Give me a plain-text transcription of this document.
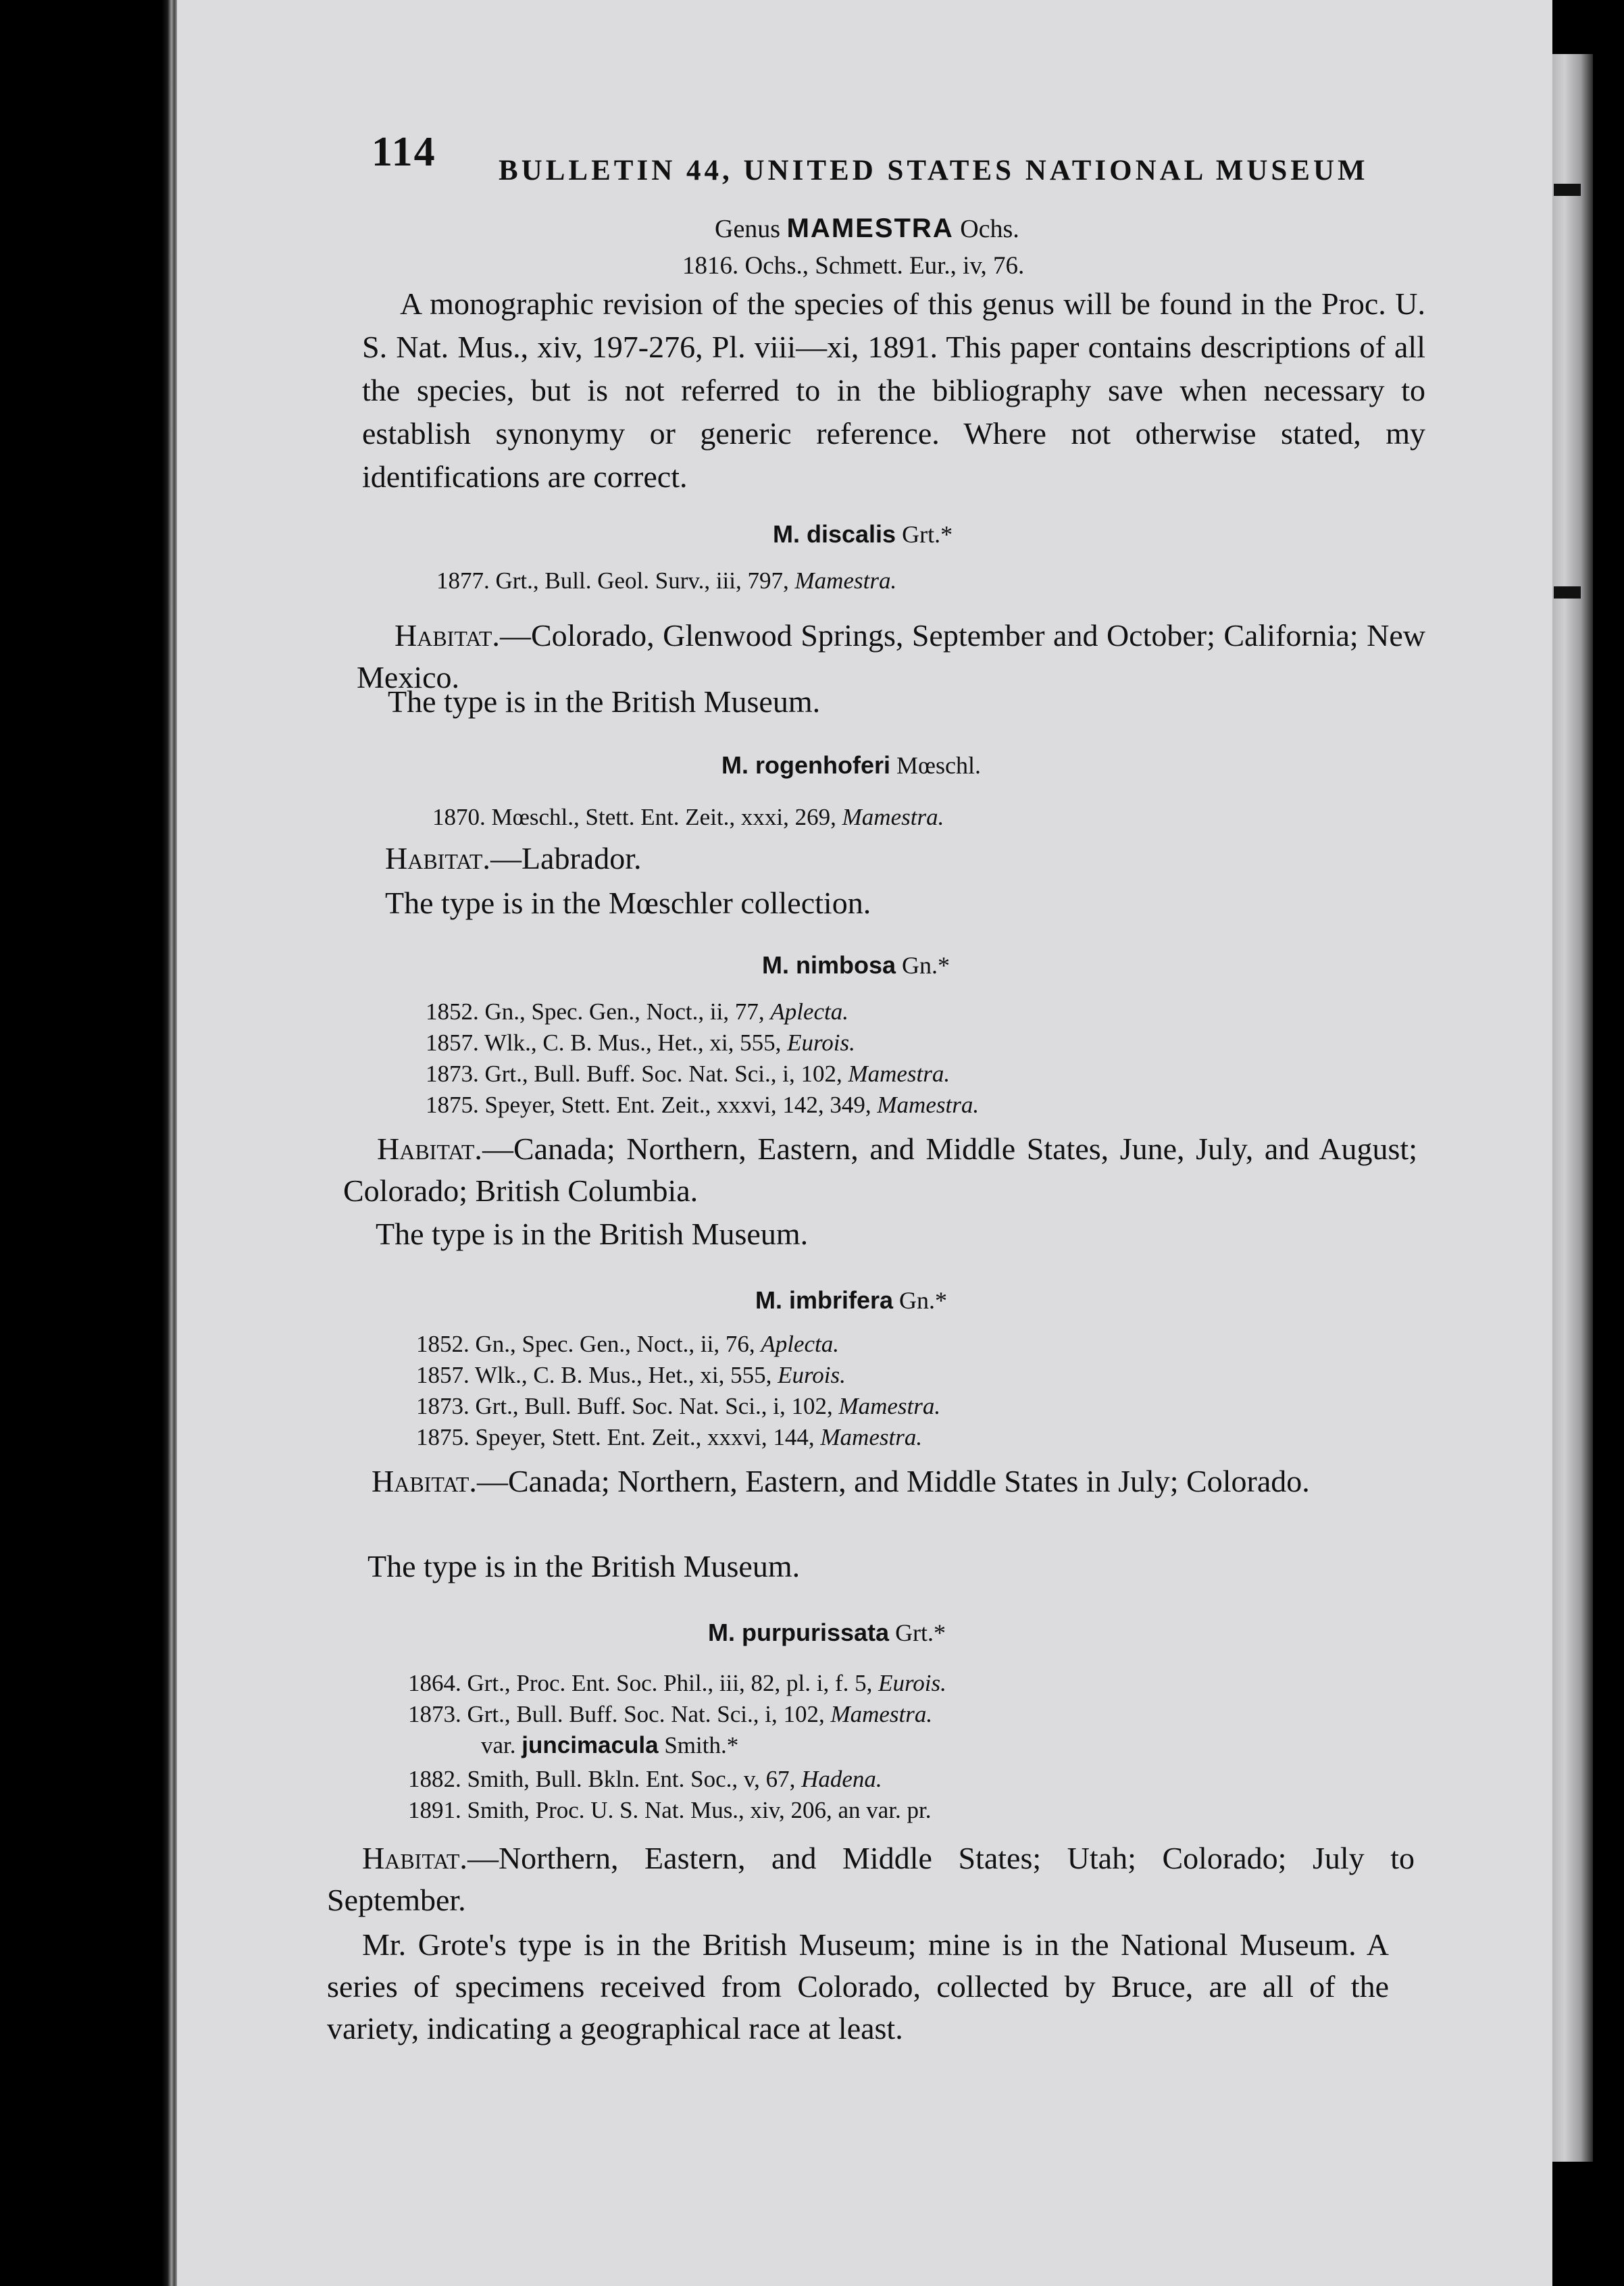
114 BULLETIN 44, UNITED STATES NATIONAL MUSEUM
Genus MAMESTRA Ochs.
1816. Ochs., Schmett. Eur., iv, 76.
A monographic revision of the species of this genus will be found in the Proc. U. S. Nat. Mus., xiv, 197-276, Pl. viii—xi, 1891. This paper contains descriptions of all the species, but is not referred to in the bibliography save when necessary to establish synonymy or generic reference. Where not otherwise stated, my identifications are correct.
M. discalis Grt.*
1877. Grt., Bull. Geol. Surv., iii, 797, Mamestra.
Habitat.—Colorado, Glenwood Springs, September and October; California; New Mexico.
The type is in the British Museum.
M. rogenhoferi Mœschl.
1870. Mœschl., Stett. Ent. Zeit., xxxi, 269, Mamestra.
Habitat.—Labrador.
The type is in the Mœschler collection.
M. nimbosa Gn.*
1852. Gn., Spec. Gen., Noct., ii, 77, Aplecta.
1857. Wlk., C. B. Mus., Het., xi, 555, Eurois.
1873. Grt., Bull. Buff. Soc. Nat. Sci., i, 102, Mamestra.
1875. Speyer, Stett. Ent. Zeit., xxxvi, 142, 349, Mamestra.
Habitat.—Canada; Northern, Eastern, and Middle States, June, July, and August; Colorado; British Columbia.
The type is in the British Museum.
M. imbrifera Gn.*
1852. Gn., Spec. Gen., Noct., ii, 76, Aplecta.
1857. Wlk., C. B. Mus., Het., xi, 555, Eurois.
1873. Grt., Bull. Buff. Soc. Nat. Sci., i, 102, Mamestra.
1875. Speyer, Stett. Ent. Zeit., xxxvi, 144, Mamestra.
Habitat.—Canada; Northern, Eastern, and Middle States in July; Colorado.
The type is in the British Museum.
M. purpurissata Grt.*
1864. Grt., Proc. Ent. Soc. Phil., iii, 82, pl. i, f. 5, Eurois.
1873. Grt., Bull. Buff. Soc. Nat. Sci., i, 102, Mamestra.
var. juncimacula Smith.*
1882. Smith, Bull. Bkln. Ent. Soc., v, 67, Hadena.
1891. Smith, Proc. U. S. Nat. Mus., xiv, 206, an var. pr.
Habitat.—Northern, Eastern, and Middle States; Utah; Colorado; July to September.
Mr. Grote's type is in the British Museum; mine is in the National Museum. A series of specimens received from Colorado, collected by Bruce, are all of the variety, indicating a geographical race at least.
